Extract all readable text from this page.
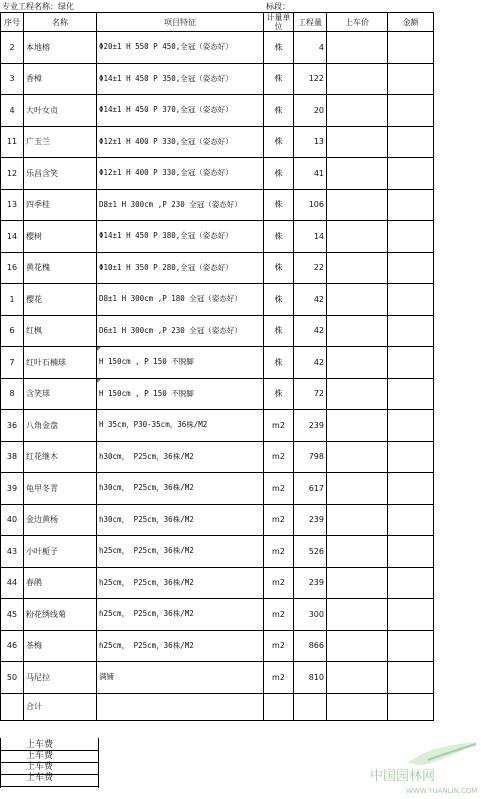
专业工程名称：绿化	标段：
序号	名称	项目特征	计量单位	工程量	上车价	金额
2	本地榕	Φ20±1 H 550 P 450,全冠（姿态好）	株	4		
3	香樟	Φ14±1 H 450 P 350,全冠（姿态好）	株	122		
4	大叶女贞	Φ14±1 H 450 P 370,全冠（姿态好）	株	20		
11	广玉兰	Φ12±1 H 400 P 330,全冠（姿态好）	株	13		
12	乐昌含笑	Φ12±1 H 400 P 330,全冠（姿态好）	株	41		
13	四季桂	D8±1 H 300cm ,P 230 全冠（姿态好）	株	106		
14	樱树	Φ14±1 H 450 P 380,全冠（姿态好）	株	14		
16	黄花槐	Φ10±1 H 350 P 280,全冠（姿态好）	株	22		
1	樱花	D8±1 H 300cm ,P 180 全冠（姿态好）	株	42		
6	红枫	D6±1 H 300cm ,P 230 全冠（姿态好）	株	42		
7	红叶石楠球	H 150cm , P 150 不脱脚	株	42		
8	含笑球	H 150cm , P 150 不脱脚	株	72		
36	八角金盘	H 35cm，P30-35cm，36株/M2	m2	239		
38	红花继木	h30cm， P25cm，36株/M2	m2	798		
39	龟甲冬青	h30cm， P25cm，36株/M2	m2	617		
40	金边黄杨	h30cm， P25cm，36株/M2	m2	239		
43	小叶栀子	h25cm， P25cm，36株/M2	m2	526		
44	春鹃	h25cm， P25cm，36株/M2	m2	239		
45	粉花绣线菊	h25cm， P25cm，36株/M2	m2	300		
46	茶梅	h25cm， P25cm，36株/M2	m2	866		
50	马尼拉	满铺	m2	810		
	合计					
上车费
上车费
上车费
上车费	中国园林网
WWW.YUANLIN.COM
